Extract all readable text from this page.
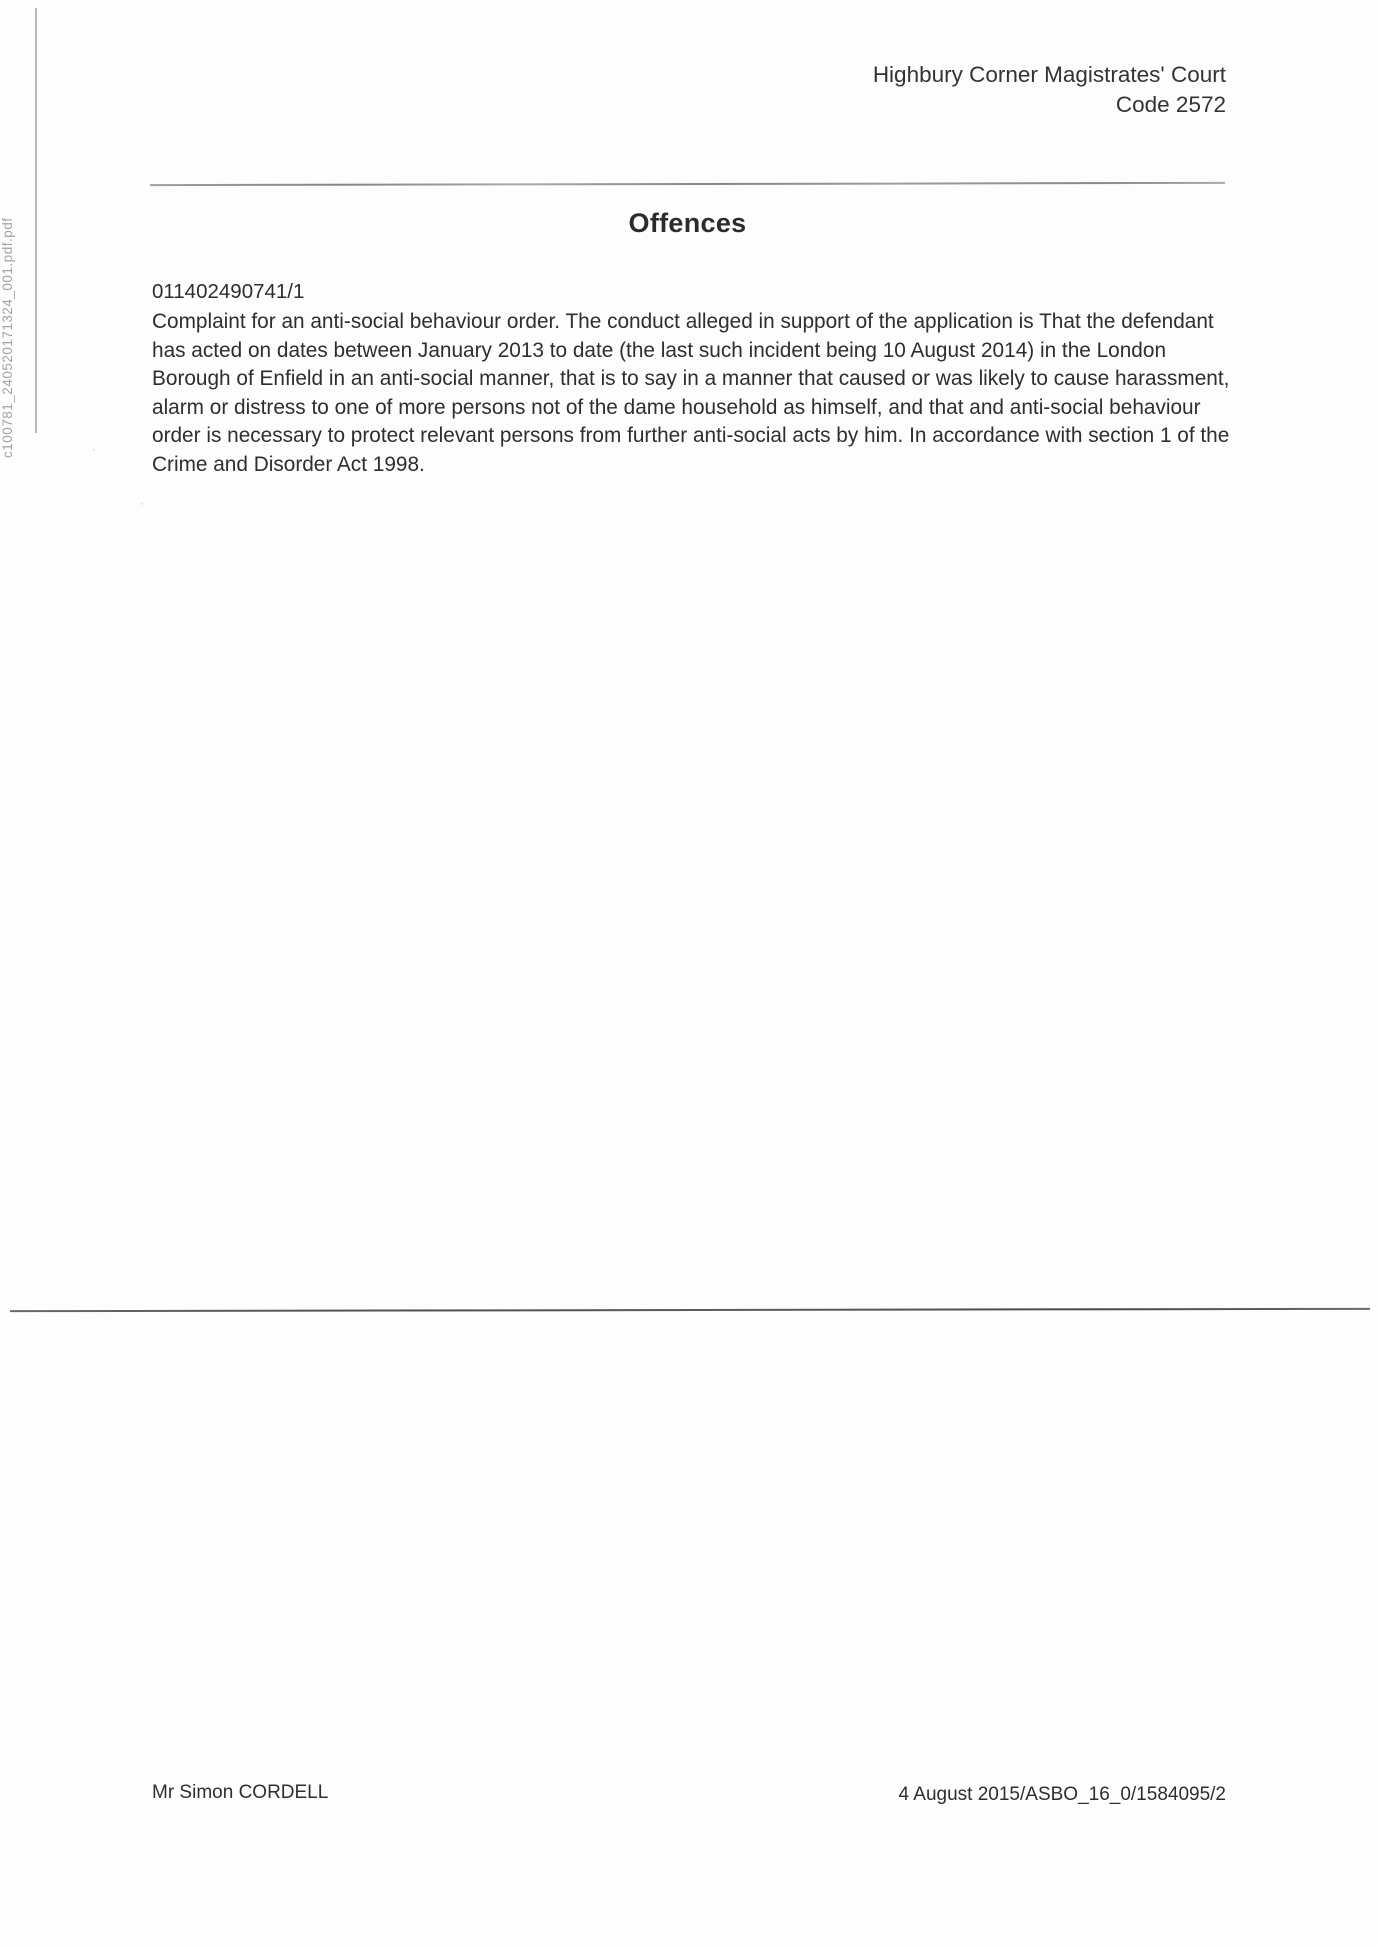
c100781_240520171324_001.pdf.pdf
Highbury Corner Magistrates' Court
Code 2572
Offences
011402490741/1
Complaint for an anti-social behaviour order. The conduct alleged in support of the application is That the defendant has acted on dates between January 2013 to date (the last such incident being 10 August 2014) in the London Borough of Enfield in an anti-social manner, that is to say in a manner that caused or was likely to cause harassment, alarm or distress to one of more persons not of the dame household as himself, and that and anti-social behaviour order is necessary to protect relevant persons from further anti-social acts by him. In accordance with section 1 of the Crime and Disorder Act 1998.
·
·
Mr Simon CORDELL	4 August 2015/ASBO_16_0/1584095/2
